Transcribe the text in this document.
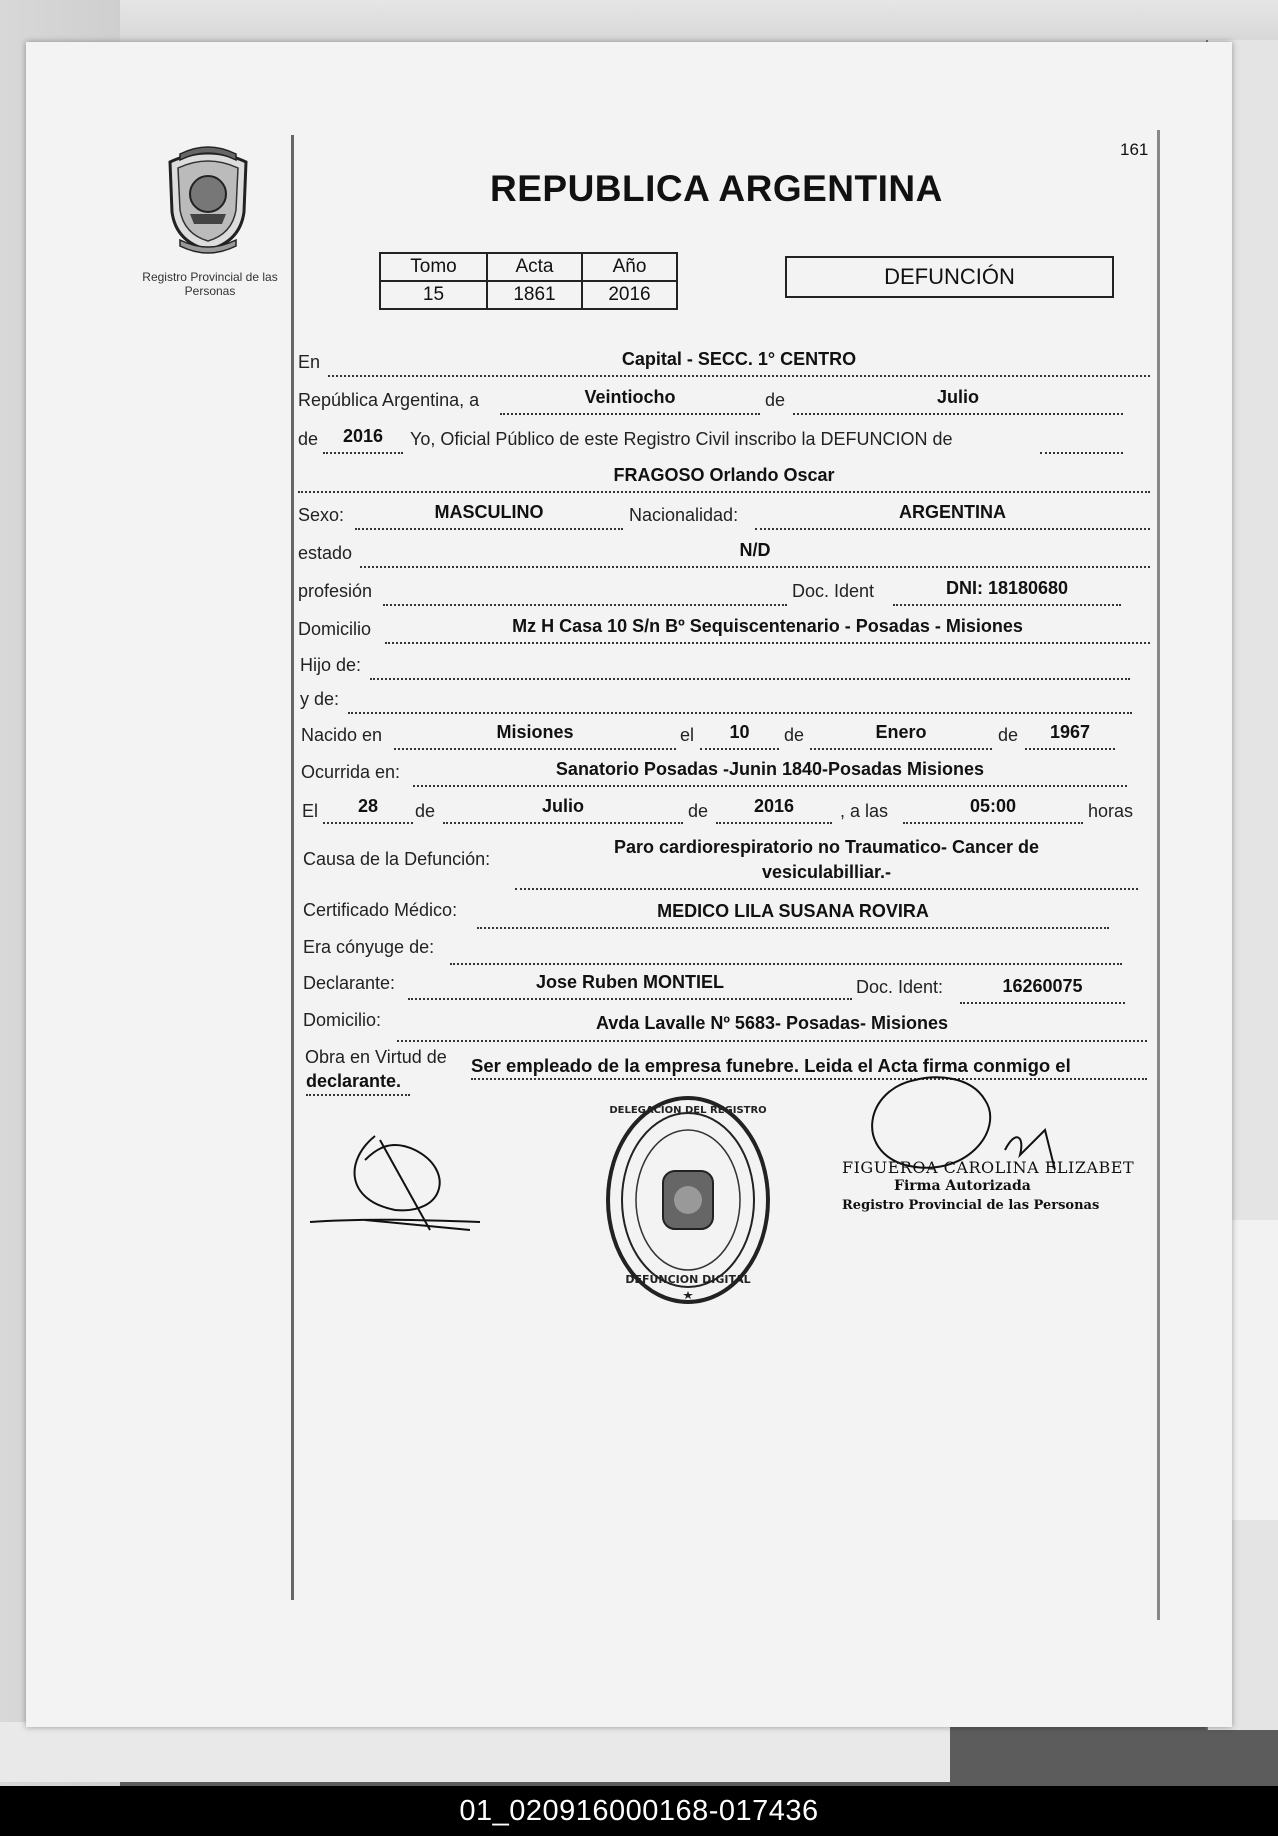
161
Registro Provincial de las Personas
REPUBLICA ARGENTINA
Tomo	Acta	Año
15	1861	2016
DEFUNCIÓN
En	Capital - SECC. 1° CENTRO
República Argentina, a	Veintiocho	de	Julio
de	2016	Yo, Oficial Público de este Registro Civil inscribo la DEFUNCION de
FRAGOSO Orlando Oscar
Sexo:	MASCULINO	Nacionalidad:	ARGENTINA
estado	N/D
profesión	Doc. Ident	DNI: 18180680
Domicilio	Mz H Casa 10 S/n Bº Sequiscentenario - Posadas - Misiones
Hijo de:
y de:
Nacido en	Misiones	el	10	de	Enero	de	1967
Ocurrida en:	Sanatorio Posadas -Junin 1840-Posadas Misiones
El	28	de	Julio	de	2016	, a las	05:00	horas
Causa de la Defunción:
Paro cardiorespiratorio no Traumatico- Cancer de
vesiculabilliar.-
Certificado Médico:	MEDICO LILA SUSANA ROVIRA
Era cónyuge de:
Declarante:	Jose Ruben MONTIEL	Doc. Ident:	16260075
Domicilio:	Avda Lavalle Nº 5683- Posadas- Misiones
Obra en Virtud de Ser empleado de la empresa funebre. Leida el Acta firma conmigo el
declarante.
DELEGACION DEL REGISTRO
DEFUNCION DIGITAL
FIGUEROA CAROLINA ELIZABET
Firma Autorizada
Registro Provincial de las Personas
01_020916000168-017436
